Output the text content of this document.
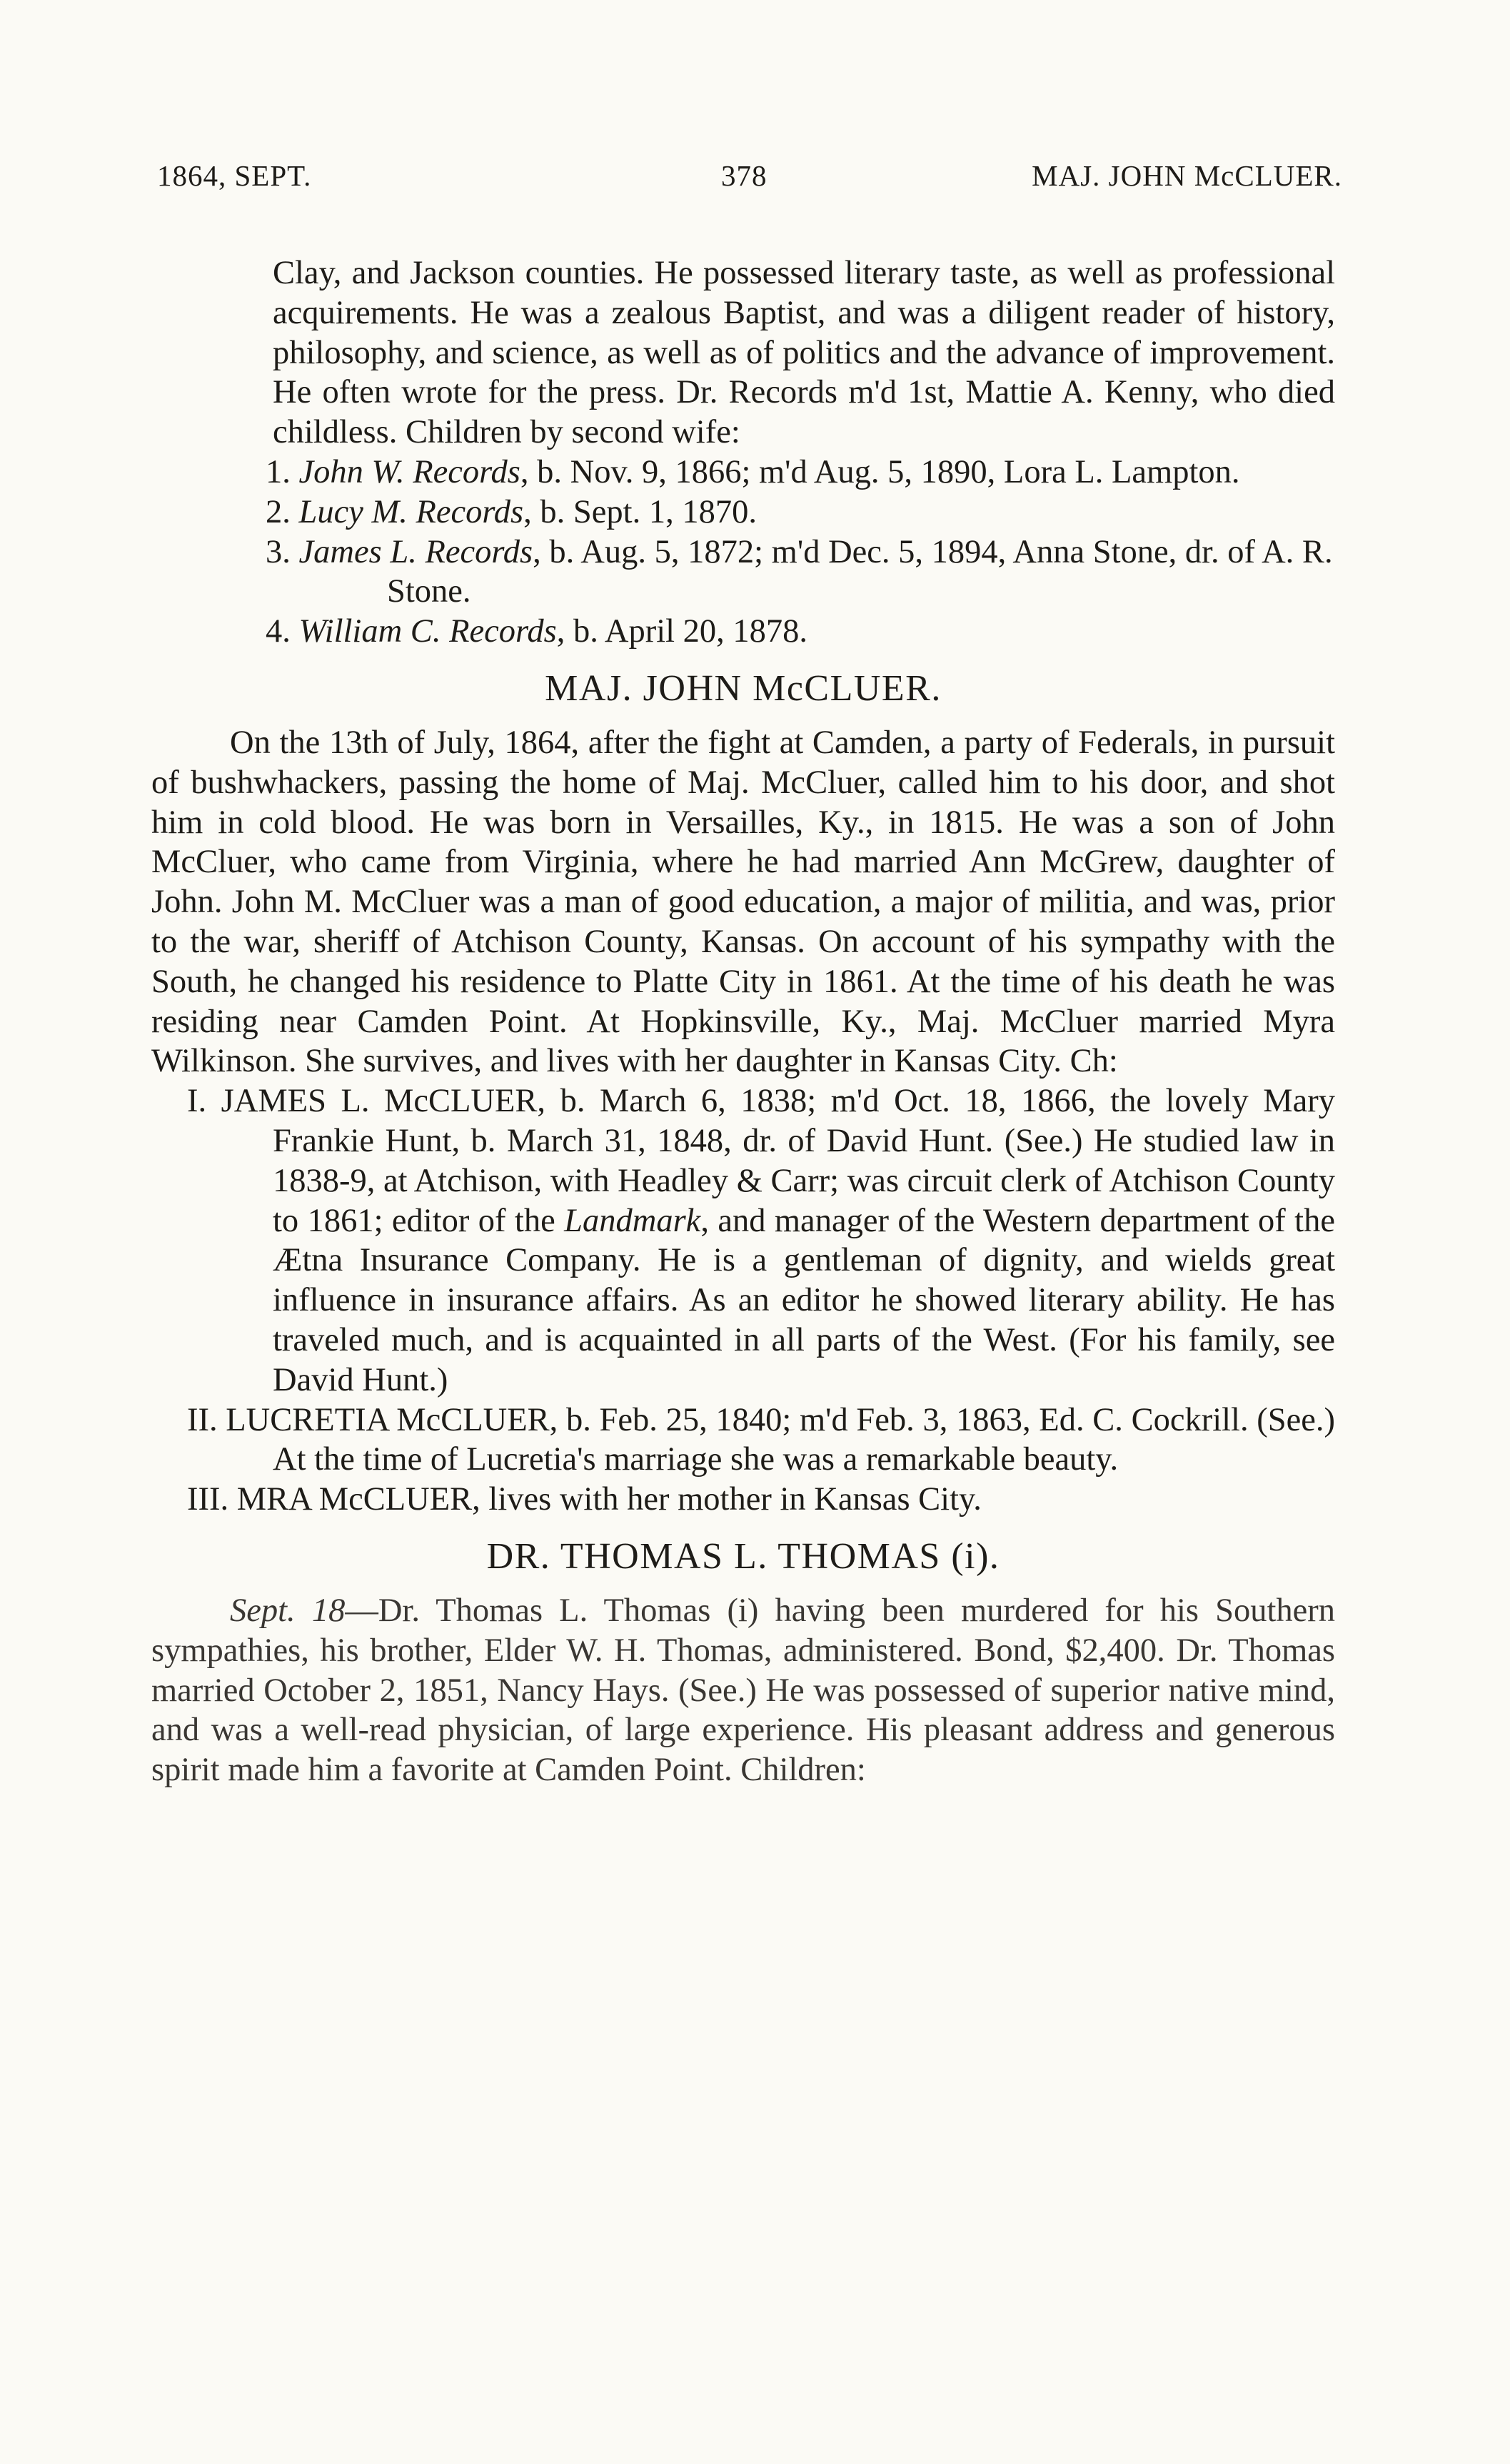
1864, SEPT.	378	MAJ. JOHN McCLUER.

Clay, and Jackson counties. He possessed literary taste, as well as professional acquirements. He was a zealous Baptist, and was a diligent reader of history, philosophy, and science, as well as of politics and the advance of improvement. He often wrote for the press. Dr. Records m'd 1st, Mattie A. Kenny, who died childless. Children by second wife:

1. John W. Records, b. Nov. 9, 1866; m'd Aug. 5, 1890, Lora L. Lampton.

2. Lucy M. Records, b. Sept. 1, 1870.

3. James L. Records, b. Aug. 5, 1872; m'd Dec. 5, 1894, Anna Stone, dr. of A. R. Stone.

4. William C. Records, b. April 20, 1878.

MAJ. JOHN McCLUER.

On the 13th of July, 1864, after the fight at Camden, a party of Federals, in pursuit of bushwhackers, passing the home of Maj. McCluer, called him to his door, and shot him in cold blood. He was born in Versailles, Ky., in 1815. He was a son of John McCluer, who came from Virginia, where he had married Ann McGrew, daughter of John. John M. McCluer was a man of good education, a major of militia, and was, prior to the war, sheriff of Atchison County, Kansas. On account of his sympathy with the South, he changed his residence to Platte City in 1861. At the time of his death he was residing near Camden Point. At Hopkinsville, Ky., Maj. McCluer married Myra Wilkinson. She survives, and lives with her daughter in Kansas City. Ch:

I. JAMES L. McCLUER, b. March 6, 1838; m'd Oct. 18, 1866, the lovely Mary Frankie Hunt, b. March 31, 1848, dr. of David Hunt. (See.) He studied law in 1838-9, at Atchison, with Headley & Carr; was circuit clerk of Atchison County to 1861; editor of the Landmark, and manager of the Western department of the Ætna Insurance Company. He is a gentleman of dignity, and wields great influence in insurance affairs. As an editor he showed literary ability. He has traveled much, and is acquainted in all parts of the West. (For his family, see David Hunt.)

II. LUCRETIA McCLUER, b. Feb. 25, 1840; m'd Feb. 3, 1863, Ed. C. Cockrill. (See.) At the time of Lucretia's marriage she was a remarkable beauty.

III. MRA McCLUER, lives with her mother in Kansas City.

DR. THOMAS L. THOMAS (i).

Sept. 18—Dr. Thomas L. Thomas (i) having been murdered for his Southern sympathies, his brother, Elder W. H. Thomas, administered. Bond, $2,400. Dr. Thomas married October 2, 1851, Nancy Hays. (See.) He was possessed of superior native mind, and was a well-read physician, of large experience. His pleasant address and generous spirit made him a favorite at Camden Point. Children:
